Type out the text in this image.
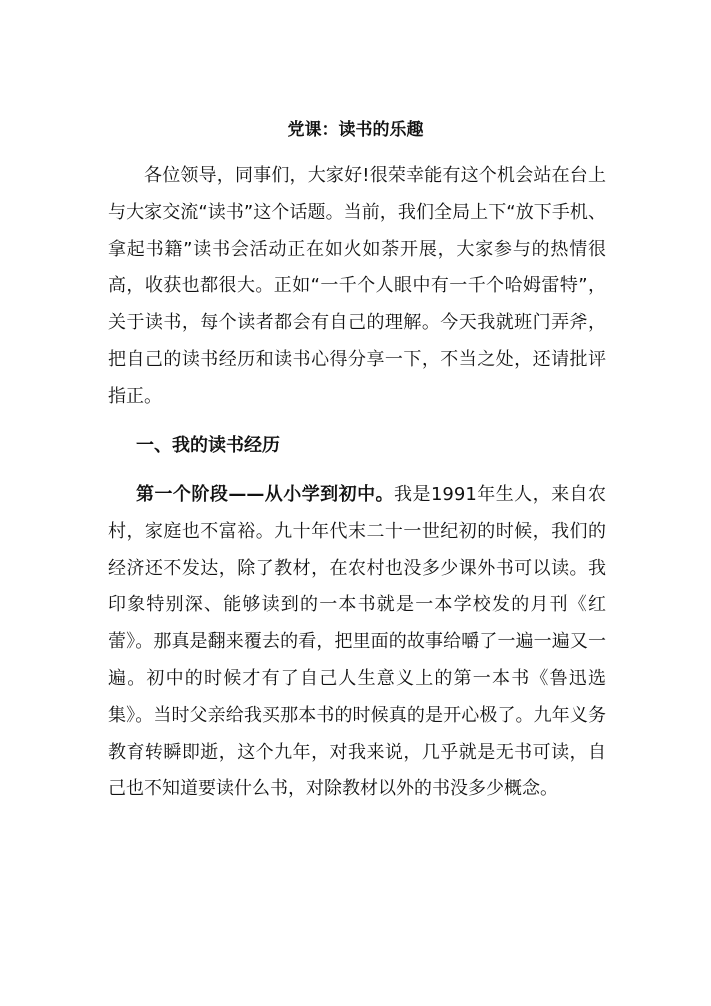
党课：读书的乐趣

各位领导，同事们，大家好!很荣幸能有这个机会站在台上与大家交流“读书”这个话题。当前，我们全局上下“放下手机、拿起书籍”读书会活动正在如火如荼开展，大家参与的热情很高，收获也都很大。正如“一千个人眼中有一千个哈姆雷特”，关于读书，每个读者都会有自己的理解。今天我就班门弄斧，把自己的读书经历和读书心得分享一下，不当之处，还请批评指正。

一、我的读书经历

第一个阶段——从小学到初中。我是1991年生人，来自农村，家庭也不富裕。九十年代末二十一世纪初的时候，我们的经济还不发达，除了教材，在农村也没多少课外书可以读。我印象特别深、能够读到的一本书就是一本学校发的月刊《红蕾》。那真是翻来覆去的看，把里面的故事给嚼了一遍一遍又一遍。初中的时候才有了自己人生意义上的第一本书《鲁迅选集》。当时父亲给我买那本书的时候真的是开心极了。九年义务教育转瞬即逝，这个九年，对我来说，几乎就是无书可读，自己也不知道要读什么书，对除教材以外的书没多少概念。
